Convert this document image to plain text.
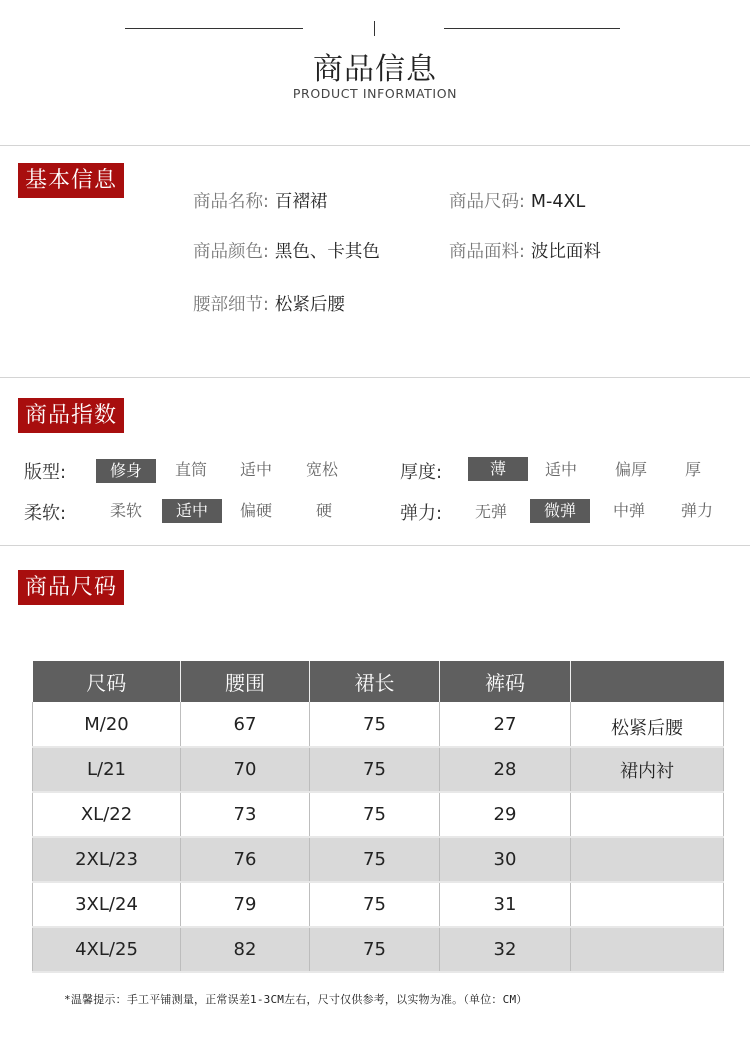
商品信息
PRODUCT INFORMATION
基本信息
商品名称: 百褶裙	商品尺码: M-4XL
商品颜色: 黑色、卡其色	商品面料: 波比面料
腰部细节: 松紧后腰
商品指数
版型:	修身	直筒	适中	宽松	厚度:	薄	适中	偏厚	厚
柔软:	柔软	适中	偏硬	硬	弹力:	无弹	微弹	中弹	弹力
商品尺码
尺码	腰围	裙长	裤码	
M/20	67	75	27	松紧后腰
L/21	70	75	28	裙内衬
XL/22	73	75	29	
2XL/23	76	75	30	
3XL/24	79	75	31	
4XL/25	82	75	32	
*温馨提示：手工平铺测量，正常误差1-3CM左右，尺寸仅供参考，以实物为准。（单位：CM）
